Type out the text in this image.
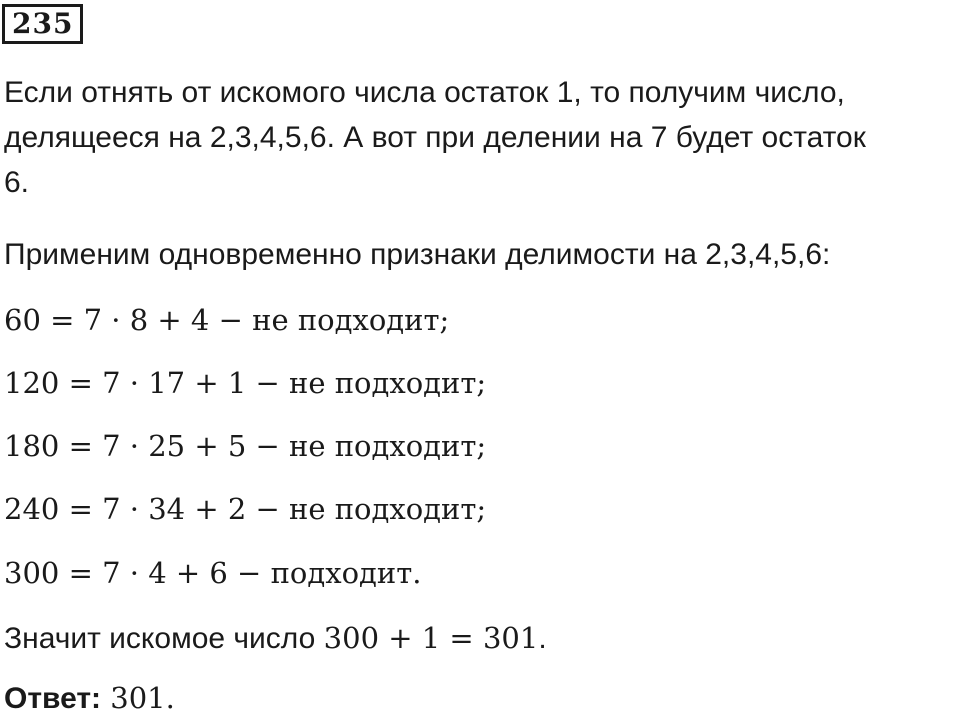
235
Если отнять от искомого числа остаток 1, то получим число,
делящееся на 2,3,4,5,6. А вот при делении на 7 будет остаток
6.
Применим одновременно признаки делимости на 2,3,4,5,6:
60 = 7 · 8 + 4 − не подходит;
120 = 7 · 17 + 1 − не подходит;
180 = 7 · 25 + 5 − не подходит;
240 = 7 · 34 + 2 − не подходит;
300 = 7 · 4 + 6 − подходит.
Значит искомое число 300 + 1 = 301.
Ответ: 301.
